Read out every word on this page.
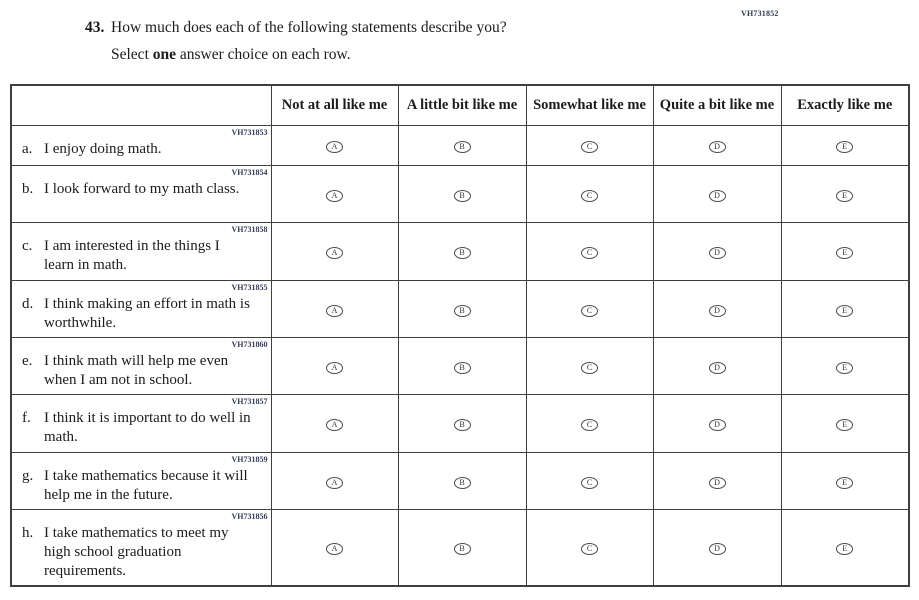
VH731852
43. How much does each of the following statements describe you?
Select one answer choice on each row.
	Not at all like me	A little bit like me	Somewhat like me	Quite a bit like me	Exactly like me

VH731853
a. I enjoy doing math.	A	B	C	D	E

VH731854
b. I look forward to my math class.	A	B	C	D	E

VH731858
c. I am interested in the things I learn in math.	A	B	C	D	E

VH731855
d. I think making an effort in math is worthwhile.	A	B	C	D	E

VH731860
e. I think math will help me even when I am not in school.	A	B	C	D	E

VH731857
f. I think it is important to do well in math.	A	B	C	D	E

VH731859
g. I take mathematics because it will help me in the future.	A	B	C	D	E

VH731856
h. I take mathematics to meet my high school graduation requirements.	A	B	C	D	E
